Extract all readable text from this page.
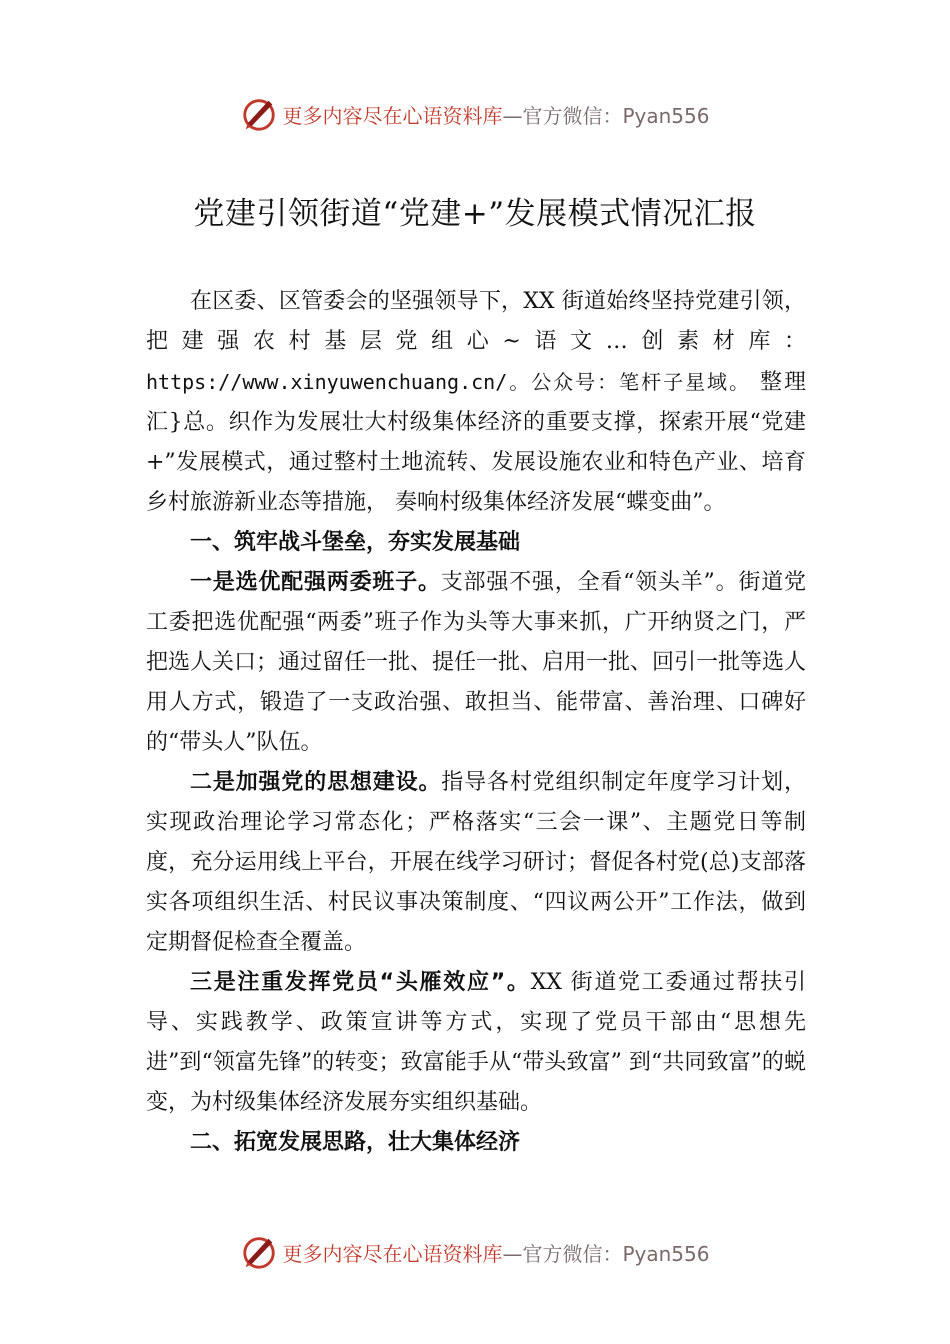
更多内容尽在心语资料库 —官方微信：Pyan556
党建引领街道“党建+”发展模式情况汇报

在区委、区管委会的坚强领导下，XX 街道始终坚持党建引领，把建强农村基层党组心~语文…创素材库： https://www.xinyuwenchuang.cn/。公众号：笔杆子星域。 整理汇}总。织作为发展壮大村级集体经济的重要支撑，探索开展“党建+”发展模式，通过整村土地流转、发展设施农业和特色产业、培育乡村旅游新业态等措施， 奏响村级集体经济发展“蝶变曲”。

一、筑牢战斗堡垒，夯实发展基础

一是选优配强两委班子。支部强不强，全看“领头羊”。街道党工委把选优配强“两委”班子作为头等大事来抓，广开纳贤之门，严把选人关口；通过留任一批、提任一批、启用一批、回引一批等选人用人方式，锻造了一支政治强、敢担当、能带富、善治理、口碑好的“带头人”队伍。

二是加强党的思想建设。指导各村党组织制定年度学习计划，实现政治理论学习常态化；严格落实“三会一课”、主题党日等制度，充分运用线上平台，开展在线学习研讨；督促各村党(总)支部落实各项组织生活、村民议事决策制度、“四议两公开”工作法，做到定期督促检查全覆盖。

三是注重发挥党员“头雁效应”。XX 街道党工委通过帮扶引导、实践教学、政策宣讲等方式，实现了党员干部由“思想先进”到“领富先锋”的转变；致富能手从“带头致富” 到“共同致富”的蜕变，为村级集体经济发展夯实组织基础。

二、拓宽发展思路，壮大集体经济

更多内容尽在心语资料库 —官方微信：Pyan556
